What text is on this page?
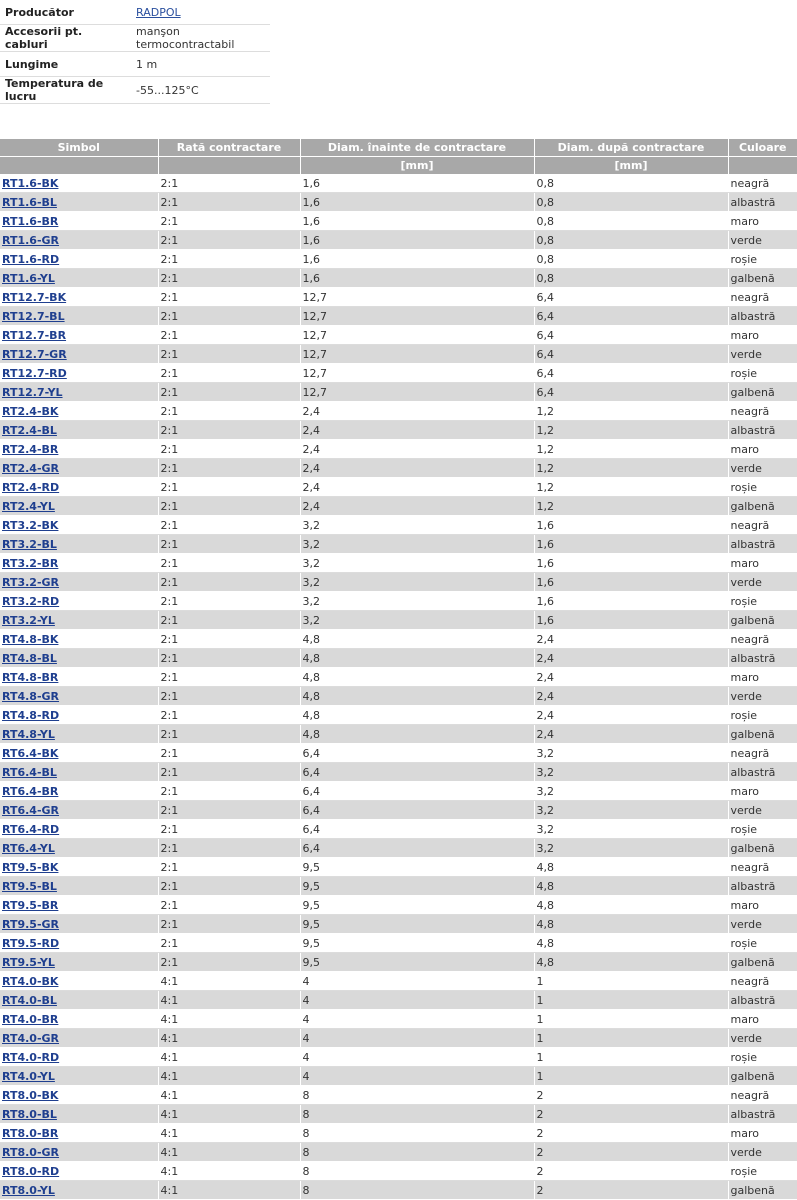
Producător	RADPOL
Accesorii pt. cabluri	manşon termocontractabil
Lungime	1 m
Temperatura de lucru	-55...125°C
Simbol	Rată contractare	Diam. înainte de contractare	Diam. după contractare	Culoare
		[mm]	[mm]	
RT1.6-BK	2:1	1,6	0,8	neagră
RT1.6-BL	2:1	1,6	0,8	albastră
RT1.6-BR	2:1	1,6	0,8	maro
RT1.6-GR	2:1	1,6	0,8	verde
RT1.6-RD	2:1	1,6	0,8	roșie
RT1.6-YL	2:1	1,6	0,8	galbenă
RT12.7-BK	2:1	12,7	6,4	neagră
RT12.7-BL	2:1	12,7	6,4	albastră
RT12.7-BR	2:1	12,7	6,4	maro
RT12.7-GR	2:1	12,7	6,4	verde
RT12.7-RD	2:1	12,7	6,4	roșie
RT12.7-YL	2:1	12,7	6,4	galbenă
RT2.4-BK	2:1	2,4	1,2	neagră
RT2.4-BL	2:1	2,4	1,2	albastră
RT2.4-BR	2:1	2,4	1,2	maro
RT2.4-GR	2:1	2,4	1,2	verde
RT2.4-RD	2:1	2,4	1,2	roșie
RT2.4-YL	2:1	2,4	1,2	galbenă
RT3.2-BK	2:1	3,2	1,6	neagră
RT3.2-BL	2:1	3,2	1,6	albastră
RT3.2-BR	2:1	3,2	1,6	maro
RT3.2-GR	2:1	3,2	1,6	verde
RT3.2-RD	2:1	3,2	1,6	roșie
RT3.2-YL	2:1	3,2	1,6	galbenă
RT4.8-BK	2:1	4,8	2,4	neagră
RT4.8-BL	2:1	4,8	2,4	albastră
RT4.8-BR	2:1	4,8	2,4	maro
RT4.8-GR	2:1	4,8	2,4	verde
RT4.8-RD	2:1	4,8	2,4	roșie
RT4.8-YL	2:1	4,8	2,4	galbenă
RT6.4-BK	2:1	6,4	3,2	neagră
RT6.4-BL	2:1	6,4	3,2	albastră
RT6.4-BR	2:1	6,4	3,2	maro
RT6.4-GR	2:1	6,4	3,2	verde
RT6.4-RD	2:1	6,4	3,2	roșie
RT6.4-YL	2:1	6,4	3,2	galbenă
RT9.5-BK	2:1	9,5	4,8	neagră
RT9.5-BL	2:1	9,5	4,8	albastră
RT9.5-BR	2:1	9,5	4,8	maro
RT9.5-GR	2:1	9,5	4,8	verde
RT9.5-RD	2:1	9,5	4,8	roșie
RT9.5-YL	2:1	9,5	4,8	galbenă
RT4.0-BK	4:1	4	1	neagră
RT4.0-BL	4:1	4	1	albastră
RT4.0-BR	4:1	4	1	maro
RT4.0-GR	4:1	4	1	verde
RT4.0-RD	4:1	4	1	roșie
RT4.0-YL	4:1	4	1	galbenă
RT8.0-BK	4:1	8	2	neagră
RT8.0-BL	4:1	8	2	albastră
RT8.0-BR	4:1	8	2	maro
RT8.0-GR	4:1	8	2	verde
RT8.0-RD	4:1	8	2	roșie
RT8.0-YL	4:1	8	2	galbenă
